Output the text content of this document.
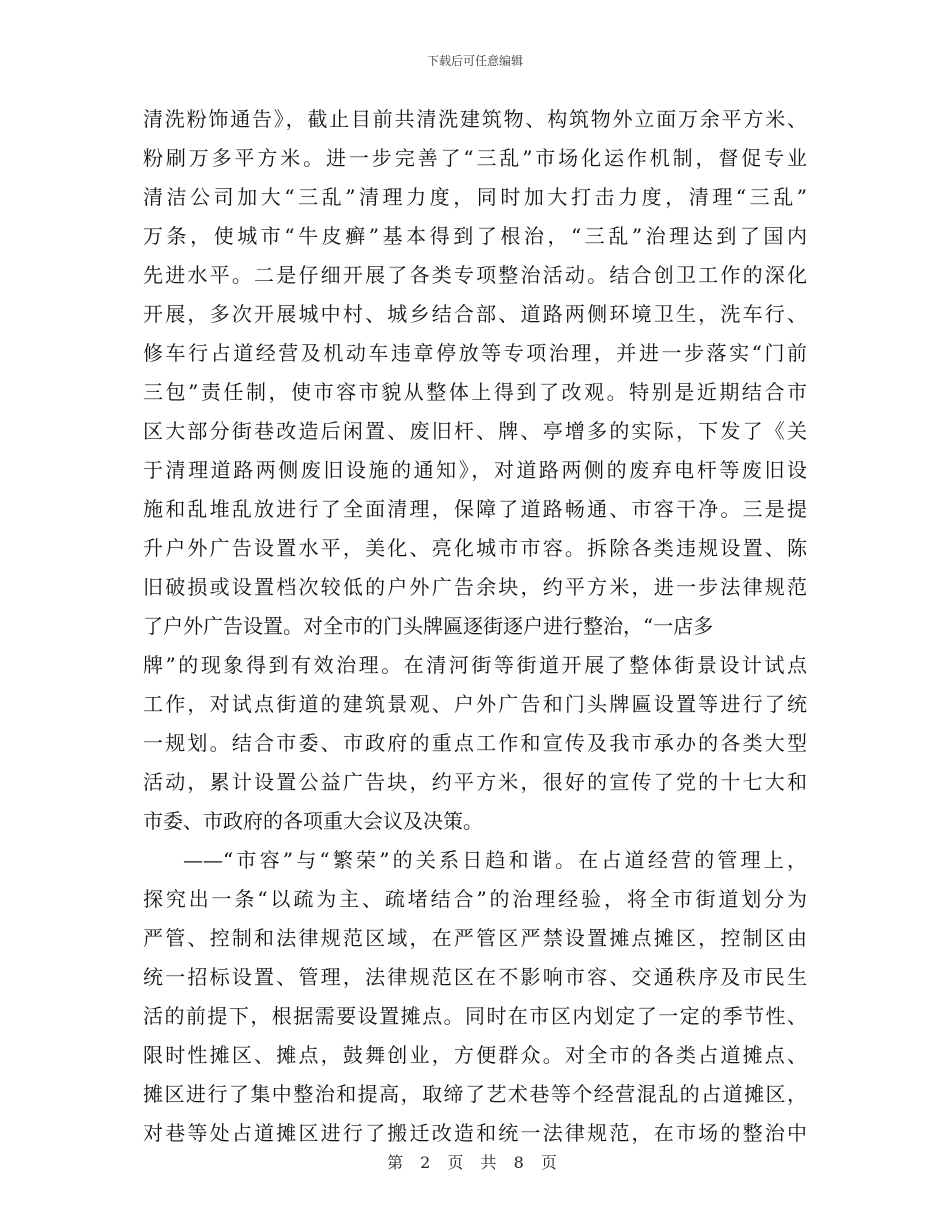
下载后可任意编辑
清洗粉饰通告》，截止目前共清洗建筑物、构筑物外立面万余平方米、
粉刷万多平方米。进一步完善了“三乱”市场化运作机制，督促专业
清洁公司加大“三乱”清理力度，同时加大打击力度，清理“三乱”
万条，使城市“牛皮癣”基本得到了根治，“三乱”治理达到了国内
先进水平。二是仔细开展了各类专项整治活动。结合创卫工作的深化
开展，多次开展城中村、城乡结合部、道路两侧环境卫生，洗车行、
修车行占道经营及机动车违章停放等专项治理，并进一步落实“门前
三包”责任制，使市容市貌从整体上得到了改观。特别是近期结合市
区大部分街巷改造后闲置、废旧杆、牌、亭增多的实际，下发了《关
于清理道路两侧废旧设施的通知》，对道路两侧的废弃电杆等废旧设
施和乱堆乱放进行了全面清理，保障了道路畅通、市容干净。三是提
升户外广告设置水平，美化、亮化城市市容。拆除各类违规设置、陈
旧破损或设置档次较低的户外广告余块，约平方米，进一步法律规范
了户外广告设置。对全市的门头牌匾逐街逐户进行整治，“一店多
牌”的现象得到有效治理。在清河街等街道开展了整体街景设计试点
工作，对试点街道的建筑景观、户外广告和门头牌匾设置等进行了统
一规划。结合市委、市政府的重点工作和宣传及我市承办的各类大型
活动，累计设置公益广告块，约平方米，很好的宣传了党的十七大和
市委、市政府的各项重大会议及决策。
——“市容”与“繁荣”的关系日趋和谐。在占道经营的管理上，
探究出一条“以疏为主、疏堵结合”的治理经验，将全市街道划分为
严管、控制和法律规范区域，在严管区严禁设置摊点摊区，控制区由
统一招标设置、管理，法律规范区在不影响市容、交通秩序及市民生
活的前提下，根据需要设置摊点。同时在市区内划定了一定的季节性、
限时性摊区、摊点，鼓舞创业，方便群众。对全市的各类占道摊点、
摊区进行了集中整治和提高，取缔了艺术巷等个经营混乱的占道摊区，
对巷等处占道摊区进行了搬迁改造和统一法律规范，在市场的整治中
第 2 页 共 8 页
